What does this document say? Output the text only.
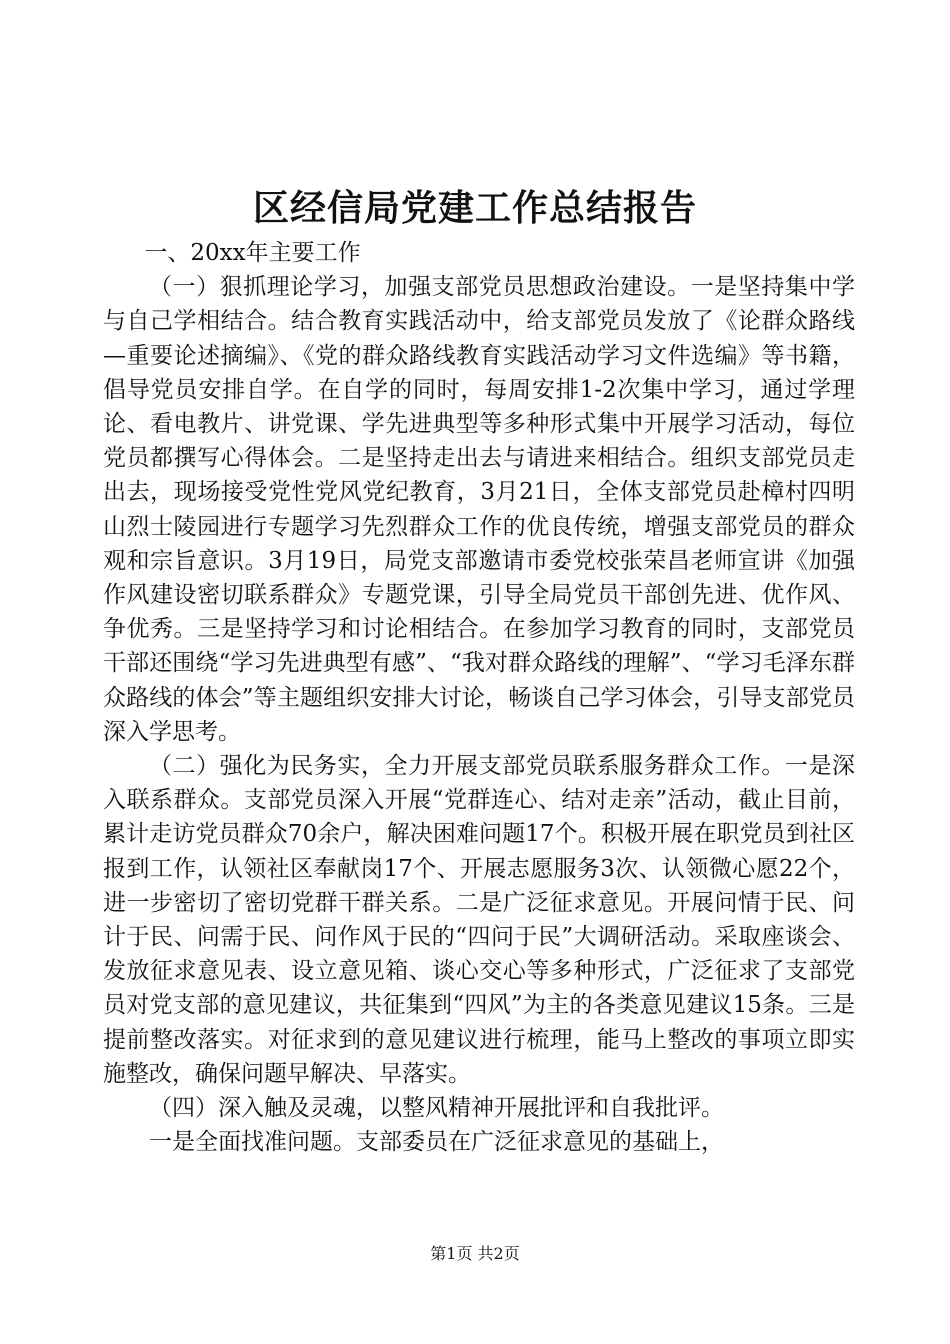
区经信局党建工作总结报告

一、20xx年主要工作

（一）狠抓理论学习，加强支部党员思想政治建设。一是坚持集中学与自己学相结合。结合教育实践活动中，给支部党员发放了《论群众路线—重要论述摘编》、《党的群众路线教育实践活动学习文件选编》等书籍，倡导党员安排自学。在自学的同时，每周安排1-2次集中学习，通过学理论、看电教片、讲党课、学先进典型等多种形式集中开展学习活动，每位党员都撰写心得体会。二是坚持走出去与请进来相结合。组织支部党员走出去，现场接受党性党风党纪教育，3月21日，全体支部党员赴樟村四明山烈士陵园进行专题学习先烈群众工作的优良传统，增强支部党员的群众观和宗旨意识。3月19日，局党支部邀请市委党校张荣昌老师宣讲《加强作风建设密切联系群众》专题党课，引导全局党员干部创先进、优作风、争优秀。三是坚持学习和讨论相结合。在参加学习教育的同时，支部党员干部还围绕“学习先进典型有感”、“我对群众路线的理解”、“学习毛泽东群众路线的体会”等主题组织安排大讨论，畅谈自己学习体会，引导支部党员深入学思考。

（二）强化为民务实，全力开展支部党员联系服务群众工作。一是深入联系群众。支部党员深入开展“党群连心、结对走亲”活动，截止目前，累计走访党员群众70余户，解决困难问题17个。积极开展在职党员到社区报到工作，认领社区奉献岗17个、开展志愿服务3次、认领微心愿22个，进一步密切了密切党群干群关系。二是广泛征求意见。开展问情于民、问计于民、问需于民、问作风于民的“四问于民”大调研活动。采取座谈会、发放征求意见表、设立意见箱、谈心交心等多种形式，广泛征求了支部党员对党支部的意见建议，共征集到“四风”为主的各类意见建议15条。三是提前整改落实。对征求到的意见建议进行梳理，能马上整改的事项立即实施整改，确保问题早解决、早落实。

（四）深入触及灵魂，以整风精神开展批评和自我批评。

一是全面找准问题。支部委员在广泛征求意见的基础上，

第1页 共2页
